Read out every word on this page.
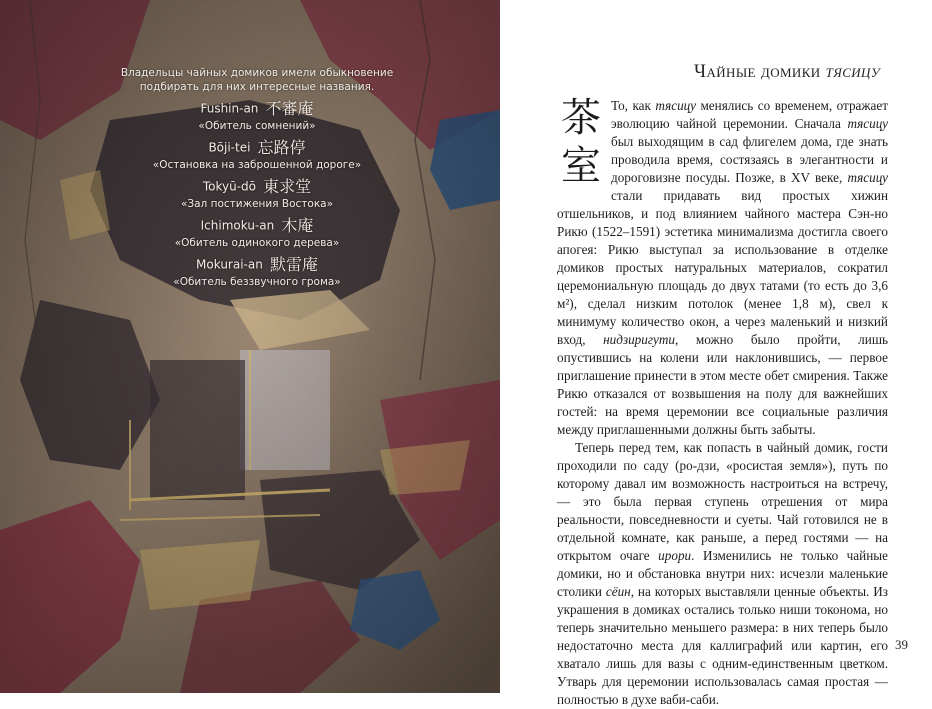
Владельцы чайных домиков имели обыкновение подбирать для них интересные названия.

Fushin-an 不審庵
«Обитель сомнений»
Bōji-tei 忘路停
«Остановка на заброшенной дороге»
Tokyū-dō 東求堂
«Зал постижения Востока»
Ichimoku-an 木庵
«Обитель одинокого дерева»
Mokurai-an 默雷庵
«Обитель беззвучного грома»
Чайные домики тясицу
茶
室

То, как тясицу менялись со временем, отражает эволюцию чайной церемонии. Сначала тясицу был выходящим в сад флигелем дома, где знать проводила время, состязаясь в элегантности и дороговизне посуды. Позже, в XV веке, тясицу стали придавать вид простых хижин отшельников, и под влиянием чайного мастера Сэн-но Рикю (1522–1591) эстетика минимализма достигла своего апогея: Рикю выступал за использование в отделке домиков простых натуральных материалов, сократил церемониальную площадь до двух татами (то есть до 3,6 м²), сделал низким потолок (менее 1,8 м), свел к минимуму количество окон, а через маленький и низкий вход, нидзиригути, можно было пройти, лишь опустившись на колени или наклонившись, — первое приглашение принести в этом месте обет смирения. Также Рикю отказался от возвышения на полу для важнейших гостей: на время церемонии все социальные различия между приглашенными должны быть забыты.

Теперь перед тем, как попасть в чайный домик, гости проходили по саду (ро-дзи, «росистая земля»), путь по которому давал им возможность настроиться на встречу, — это была первая ступень отрешения от мира реальности, повседневности и суеты. Чай готовился не в отдельной комнате, как раньше, а перед гостями — на открытом очаге ирори. Изменились не только чайные домики, но и обстановка внутри них: исчезли маленькие столики сёин, на которых выставляли ценные объекты. Из украшения в домиках остались только ниши токонома, но теперь значительно меньшего размера: в них теперь было недостаточно места для каллиграфий или картин, его хватало лишь для вазы с одним-единственным цветком. Утварь для церемонии использовалась самая простая — полностью в духе ваби-саби.

39
